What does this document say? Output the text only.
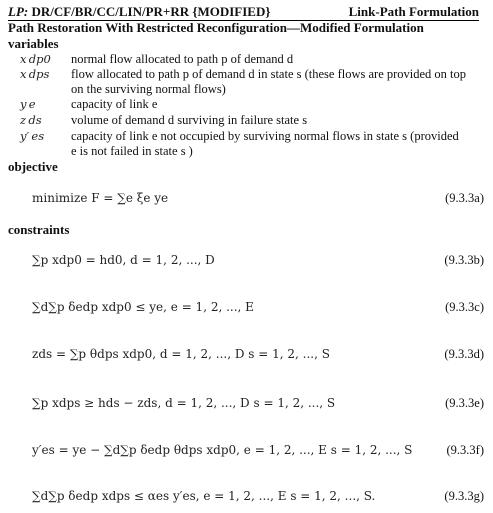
LP: DR/CF/BR/CC/LIN/PR+RR {MODIFIED}	Link-Path Formulation
Path Restoration With Restricted Reconfiguration—Modified Formulation
variables
x dp0	normal flow allocated to path p of demand d
x dps	flow allocated to path p of demand d in state s (these flows are provided on top
on the surviving normal flows)
y e	capacity of link e
z ds	volume of demand d surviving in failure state s
y′ es	capacity of link e not occupied by surviving normal flows in state s (provided
e is not failed in state s )
objective
minimize F = ∑e ξe ye	(9.3.3a)
constraints
∑p xdp0 = hd0, d = 1, 2, ..., D	(9.3.3b)
∑d∑p δedp xdp0 ≤ ye, e = 1, 2, ..., E	(9.3.3c)
zds = ∑p θdps xdp0, d = 1, 2, ..., D s = 1, 2, ..., S	(9.3.3d)
∑p xdps ≥ hds − zds, d = 1, 2, ..., D s = 1, 2, ..., S	(9.3.3e)
y′es = ye − ∑d∑p δedp θdps xdp0, e = 1, 2, ..., E s = 1, 2, ..., S	(9.3.3f)
∑d∑p δedp xdps ≤ αes y′es, e = 1, 2, ..., E s = 1, 2, ..., S.	(9.3.3g)
